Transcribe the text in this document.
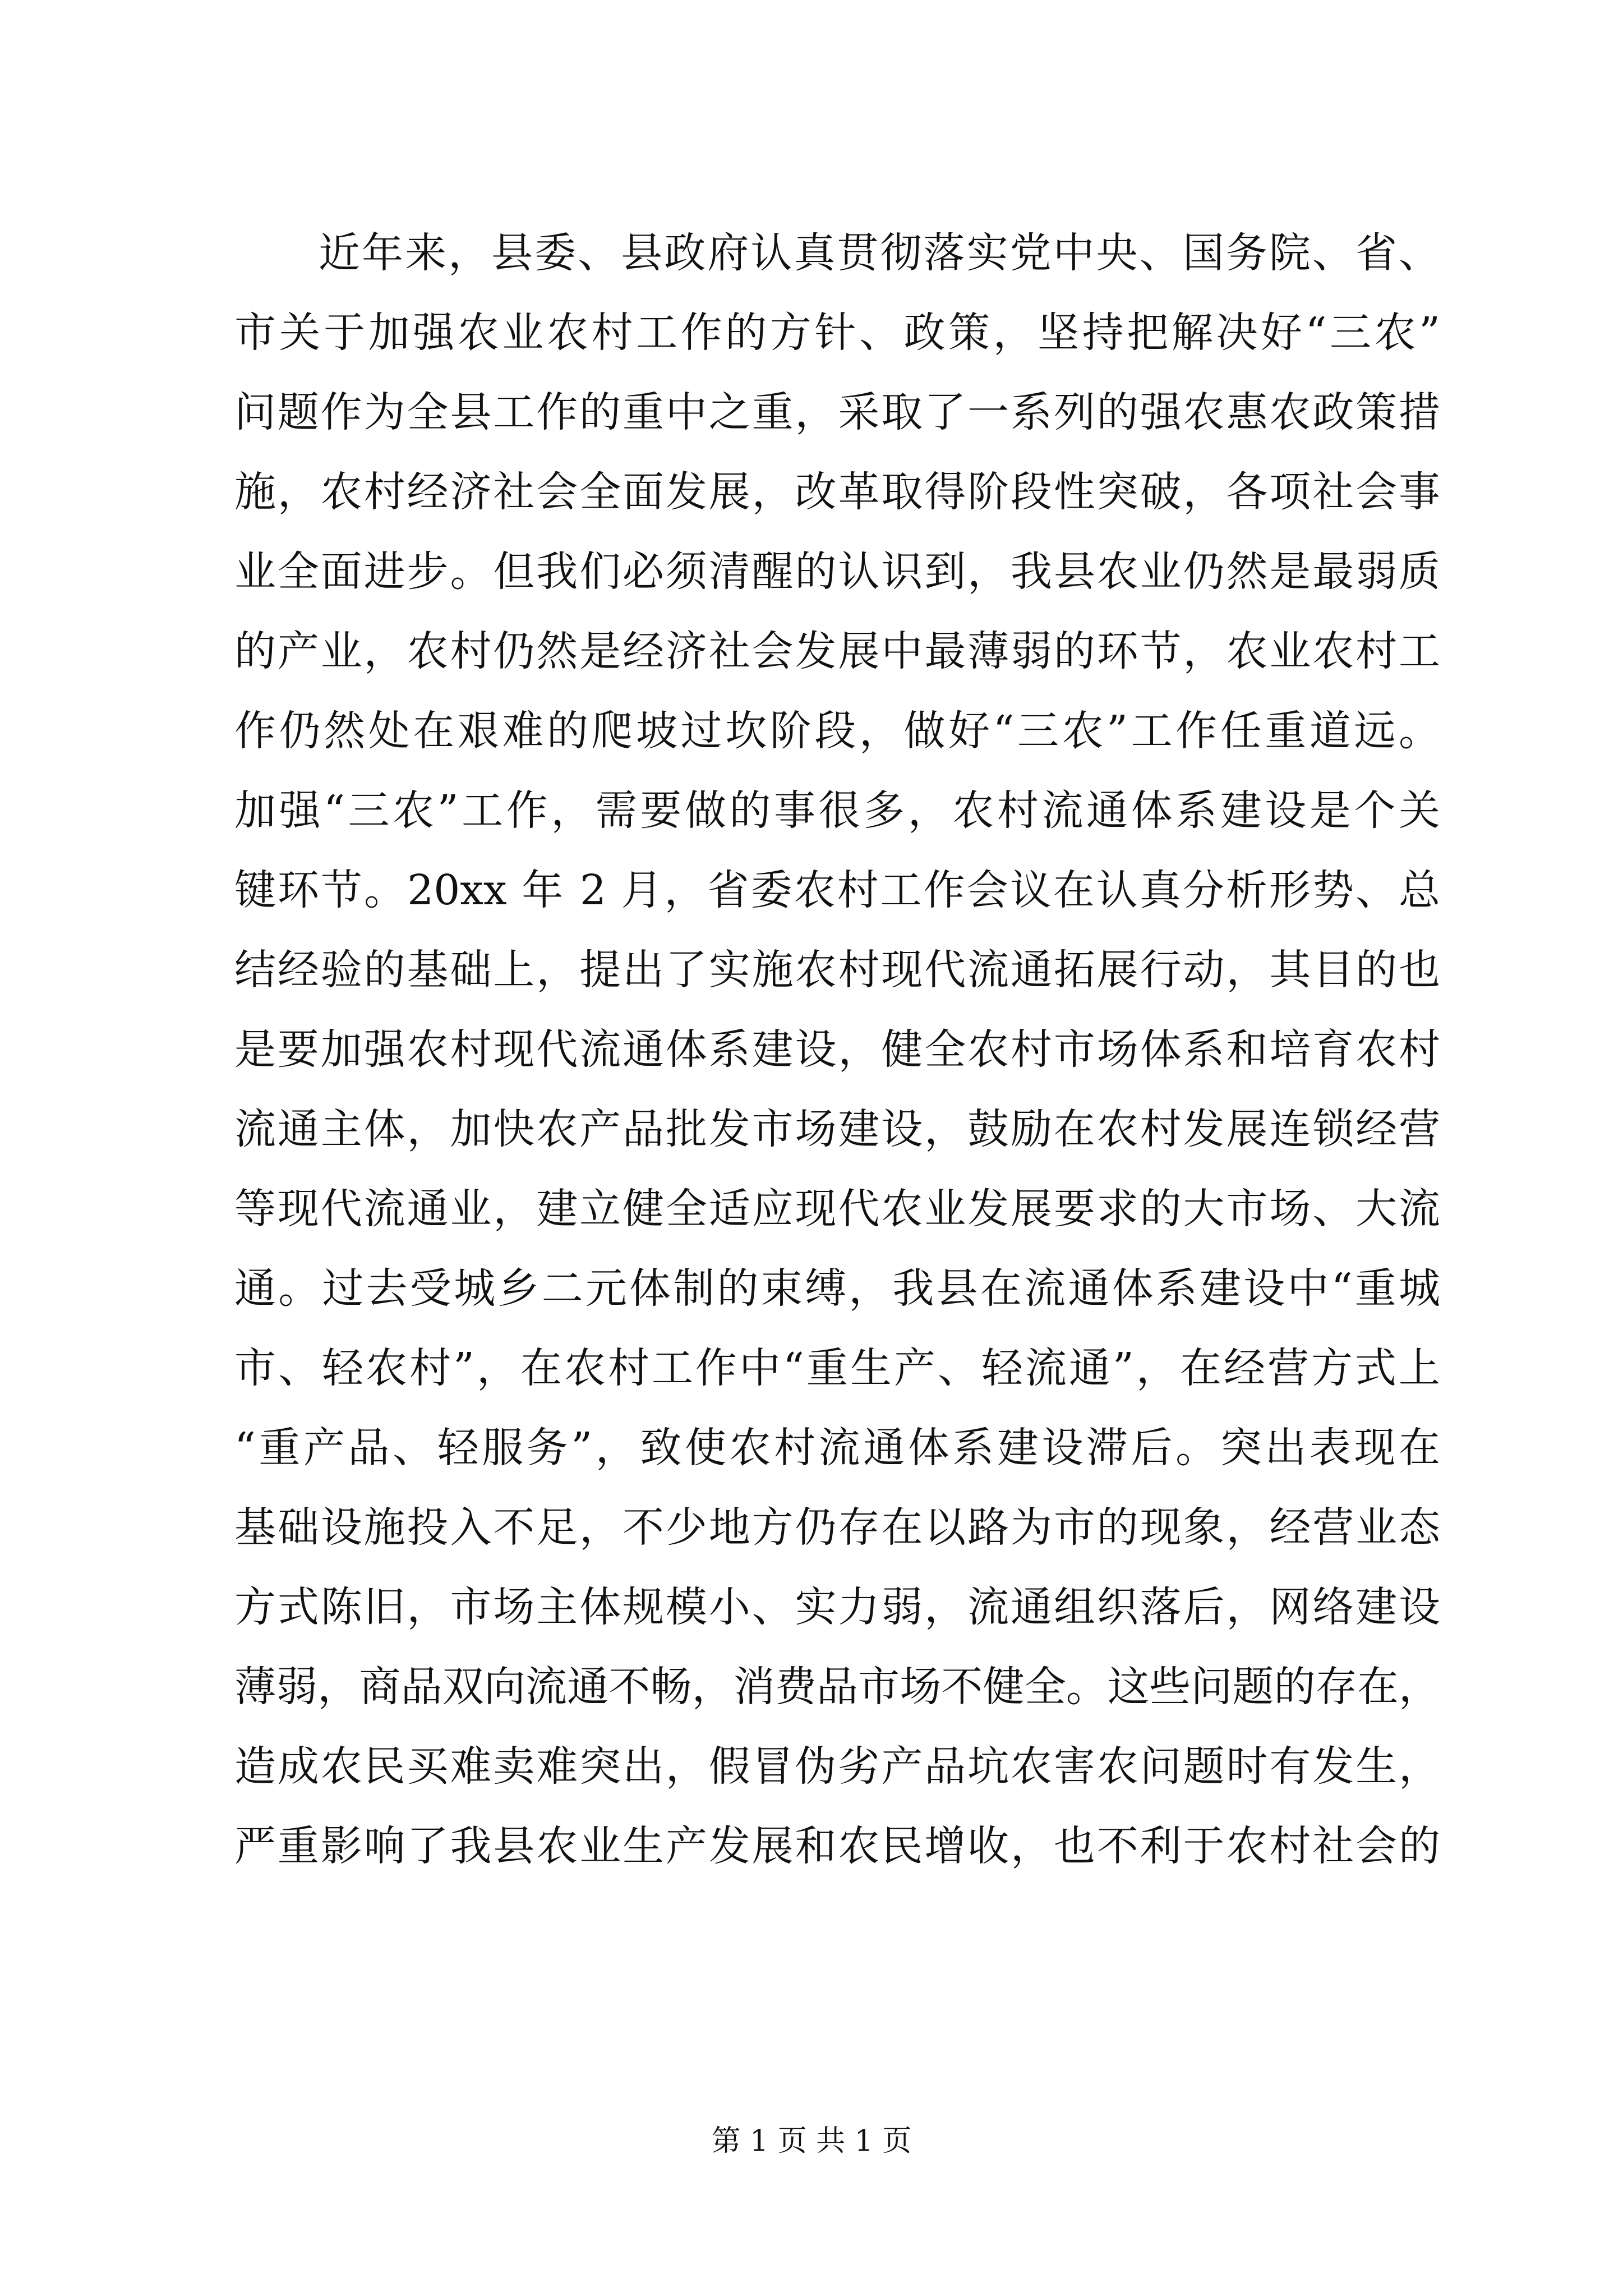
近年来，县委、县政府认真贯彻落实党中央、国务院、省、
市关于加强农业农村工作的方针、政策，坚持把解决好“三农”
问题作为全县工作的重中之重，采取了一系列的强农惠农政策措
施，农村经济社会全面发展，改革取得阶段性突破，各项社会事
业全面进步。但我们必须清醒的认识到，我县农业仍然是最弱质
的产业，农村仍然是经济社会发展中最薄弱的环节，农业农村工
作仍然处在艰难的爬坡过坎阶段，做好“三农”工作任重道远。
加强“三农”工作，需要做的事很多，农村流通体系建设是个关
键环节。20xx 年 2 月，省委农村工作会议在认真分析形势、总
结经验的基础上，提出了实施农村现代流通拓展行动，其目的也
是要加强农村现代流通体系建设，健全农村市场体系和培育农村
流通主体，加快农产品批发市场建设，鼓励在农村发展连锁经营
等现代流通业，建立健全适应现代农业发展要求的大市场、大流
通。过去受城乡二元体制的束缚，我县在流通体系建设中“重城
市、轻农村”，在农村工作中“重生产、轻流通”，在经营方式上
“重产品、轻服务”，致使农村流通体系建设滞后。突出表现在
基础设施投入不足，不少地方仍存在以路为市的现象，经营业态
方式陈旧，市场主体规模小、实力弱，流通组织落后，网络建设
薄弱，商品双向流通不畅，消费品市场不健全。这些问题的存在，
造成农民买难卖难突出，假冒伪劣产品坑农害农问题时有发生，
严重影响了我县农业生产发展和农民增收，也不利于农村社会的
第 1 页 共 1 页
